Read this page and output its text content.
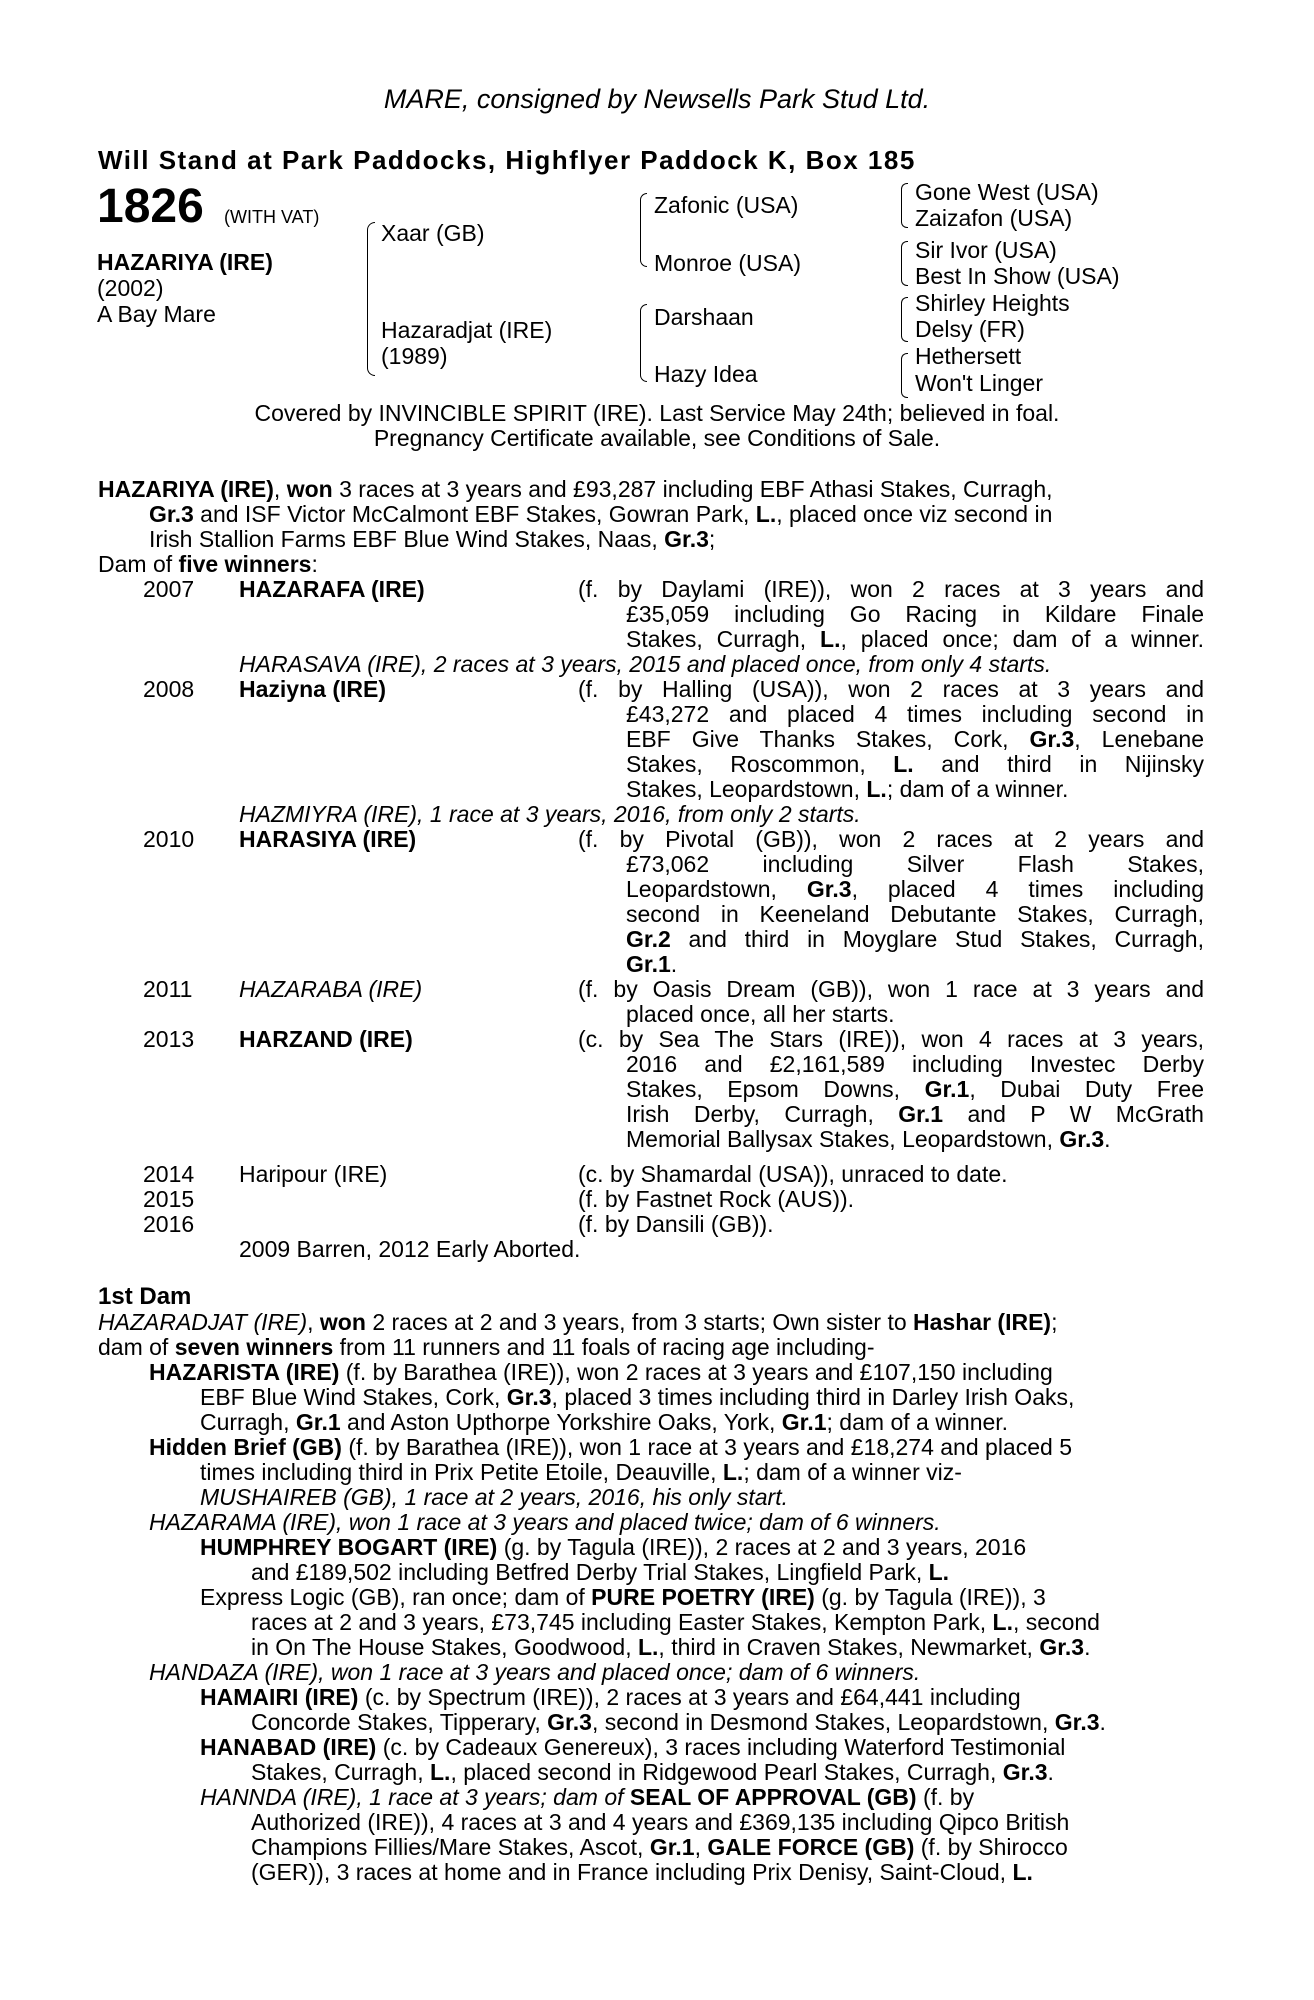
MARE, consigned by Newsells Park Stud Ltd.
Will Stand at Park Paddocks, Highflyer Paddock K, Box 185
1826 (WITH VAT)
HAZARIYA (IRE)
(2002)
A Bay Mare
Xaar (GB)
Hazaradjat (IRE)
(1989)
Zafonic (USA)
Monroe (USA)
Darshaan
Hazy Idea
Gone West (USA)
Zaizafon (USA)
Sir Ivor (USA)
Best In Show (USA)
Shirley Heights
Delsy (FR)
Hethersett
Won't Linger
Covered by INVINCIBLE SPIRIT (IRE). Last Service May 24th; believed in foal.
Pregnancy Certificate available, see Conditions of Sale.
HAZARIYA (IRE), won 3 races at 3 years and £93,287 including EBF Athasi Stakes, Curragh,
Gr.3 and ISF Victor McCalmont EBF Stakes, Gowran Park, L., placed once viz second in
Irish Stallion Farms EBF Blue Wind Stakes, Naas, Gr.3;
Dam of five winners:
2007 HAZARAFA (IRE)	(f. by Daylami (IRE)), won 2 races at 3 years and
£35,059 including Go Racing in Kildare Finale
Stakes, Curragh, L., placed once; dam of a winner.
HARASAVA (IRE), 2 races at 3 years, 2015 and placed once, from only 4 starts.
2008 Haziyna (IRE)	(f. by Halling (USA)), won 2 races at 3 years and
£43,272 and placed 4 times including second in
EBF Give Thanks Stakes, Cork, Gr.3, Lenebane
Stakes, Roscommon, L. and third in Nijinsky
Stakes, Leopardstown, L.; dam of a winner.
HAZMIYRA (IRE), 1 race at 3 years, 2016, from only 2 starts.
2010 HARASIYA (IRE)	(f. by Pivotal (GB)), won 2 races at 2 years and
£73,062 including Silver Flash Stakes,
Leopardstown, Gr.3, placed 4 times including
second in Keeneland Debutante Stakes, Curragh,
Gr.2 and third in Moyglare Stud Stakes, Curragh,
Gr.1.
2011 HAZARABA (IRE)	(f. by Oasis Dream (GB)), won 1 race at 3 years and
placed once, all her starts.
2013 HARZAND (IRE)	(c. by Sea The Stars (IRE)), won 4 races at 3 years,
2016 and £2,161,589 including Investec Derby
Stakes, Epsom Downs, Gr.1, Dubai Duty Free
Irish Derby, Curragh, Gr.1 and P W McGrath
Memorial Ballysax Stakes, Leopardstown, Gr.3.
2014 Haripour (IRE)	(c. by Shamardal (USA)), unraced to date.
2015	(f. by Fastnet Rock (AUS)).
2016	(f. by Dansili (GB)).
2009 Barren, 2012 Early Aborted.
1st Dam
HAZARADJAT (IRE), won 2 races at 2 and 3 years, from 3 starts; Own sister to Hashar (IRE);
dam of seven winners from 11 runners and 11 foals of racing age including-
HAZARISTA (IRE) (f. by Barathea (IRE)), won 2 races at 3 years and £107,150 including
EBF Blue Wind Stakes, Cork, Gr.3, placed 3 times including third in Darley Irish Oaks,
Curragh, Gr.1 and Aston Upthorpe Yorkshire Oaks, York, Gr.1; dam of a winner.
Hidden Brief (GB) (f. by Barathea (IRE)), won 1 race at 3 years and £18,274 and placed 5
times including third in Prix Petite Etoile, Deauville, L.; dam of a winner viz-
MUSHAIREB (GB), 1 race at 2 years, 2016, his only start.
HAZARAMA (IRE), won 1 race at 3 years and placed twice; dam of 6 winners.
HUMPHREY BOGART (IRE) (g. by Tagula (IRE)), 2 races at 2 and 3 years, 2016
and £189,502 including Betfred Derby Trial Stakes, Lingfield Park, L.
Express Logic (GB), ran once; dam of PURE POETRY (IRE) (g. by Tagula (IRE)), 3
races at 2 and 3 years, £73,745 including Easter Stakes, Kempton Park, L., second
in On The House Stakes, Goodwood, L., third in Craven Stakes, Newmarket, Gr.3.
HANDAZA (IRE), won 1 race at 3 years and placed once; dam of 6 winners.
HAMAIRI (IRE) (c. by Spectrum (IRE)), 2 races at 3 years and £64,441 including
Concorde Stakes, Tipperary, Gr.3, second in Desmond Stakes, Leopardstown, Gr.3.
HANABAD (IRE) (c. by Cadeaux Genereux), 3 races including Waterford Testimonial
Stakes, Curragh, L., placed second in Ridgewood Pearl Stakes, Curragh, Gr.3.
HANNDA (IRE), 1 race at 3 years; dam of SEAL OF APPROVAL (GB) (f. by
Authorized (IRE)), 4 races at 3 and 4 years and £369,135 including Qipco British
Champions Fillies/Mare Stakes, Ascot, Gr.1, GALE FORCE (GB) (f. by Shirocco
(GER)), 3 races at home and in France including Prix Denisy, Saint-Cloud, L.
